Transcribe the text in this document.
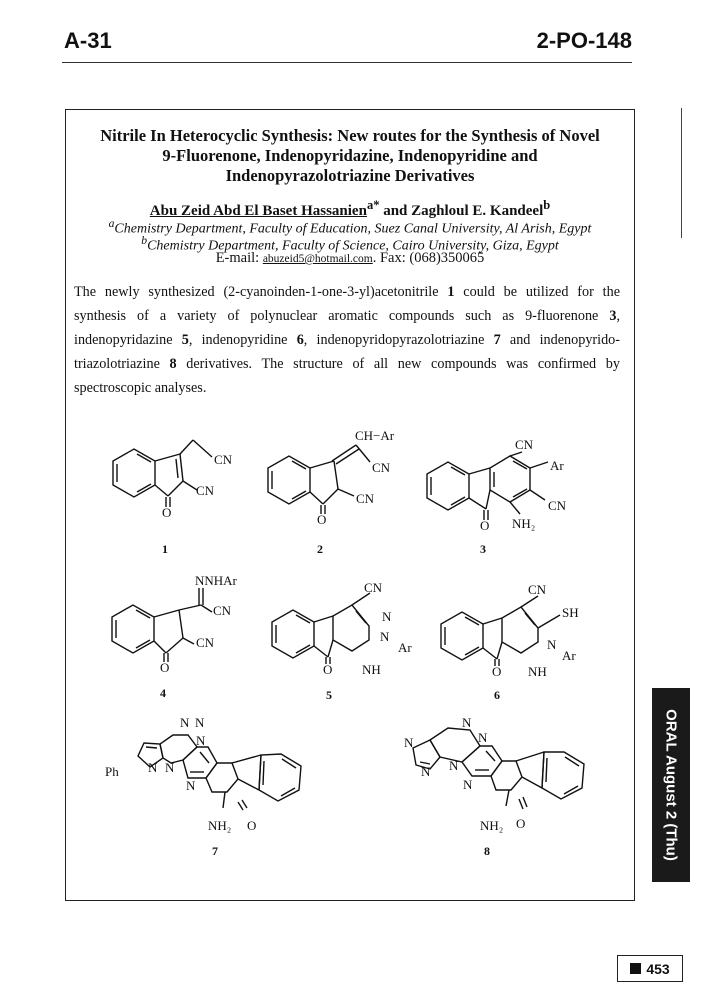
A-31	2-PO-148
Nitrile In Heterocyclic Synthesis: New routes for the Synthesis of Novel
9-Fluorenone, Indenopyridazine, Indenopyridine and
Indenopyrazolotriazine Derivatives
Abu Zeid Abd El Baset Hassanien$^{a*}$ and Zaghloul E. Kandeel$^b$
$^a$Chemistry Department, Faculty of Education, Suez Canal University, Al Arish, Egypt
$^b$Chemistry Department, Faculty of Science, Cairo University, Giza, Egypt
E-mail: abuzeid5@hotmail.com. Fax: (068)350065

The newly synthesized (2-cyanoinden-1-one-3-yl)acetonitrile 1 could be utilized for the synthesis of a variety of polynuclear aromatic compounds such as 9-fluorenone 3, indenopyridazine 5, indenopyridine 6, indenopyridopyrazolotriazine 7 and indenopyrido-triazolotriazine 8 derivatives. The structure of all new compounds was confirmed by spectroscopic analyses.

CN
CN
O
1
CH−Ar
CN
CN
O
2
CN
Ar
CN
O NH₂
3
NNHAr
CN
CN
O
4
CN
N
N
Ar
O NH
5
CN
SH
N
Ar
O NH
6
N N
N
Ph N N
N
NH₂ O
7
N
N
N
N N
N
NH₂ O
8	ORAL August 2 (Thu)
453
